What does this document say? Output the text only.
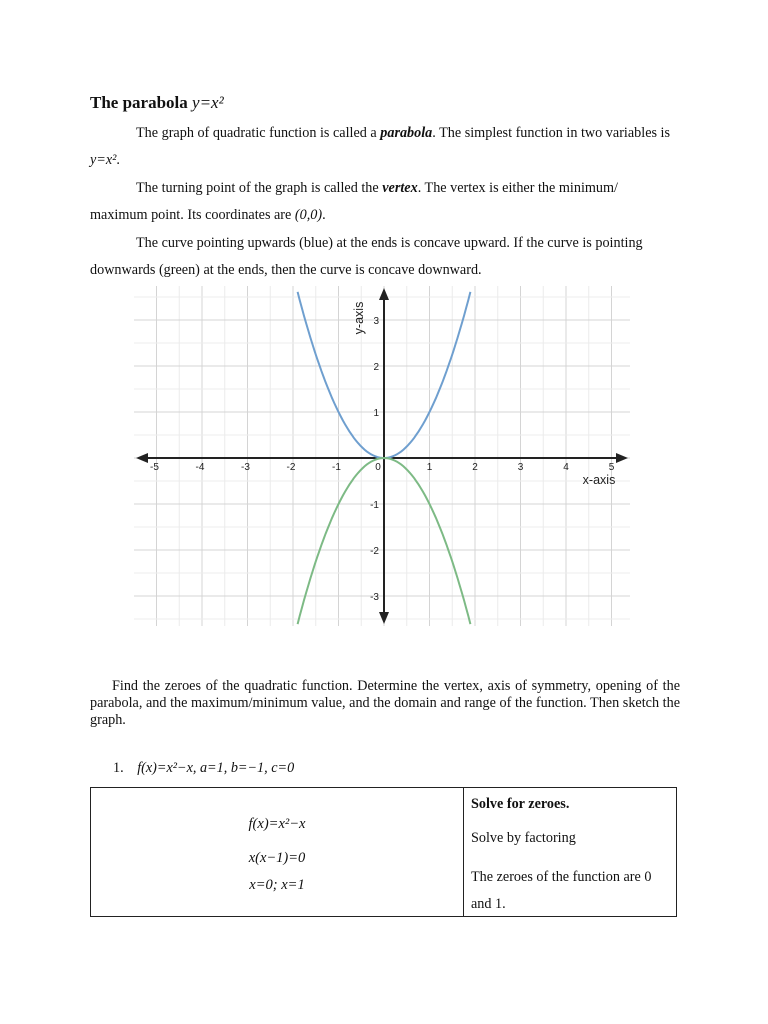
The parabola y=x²
The graph of quadratic function is called a parabola. The simplest function in two variables is y=x².
The turning point of the graph is called the vertex. The vertex is either the minimum/ maximum point. Its coordinates are (0,0).
The curve pointing upwards (blue) at the ends is concave upward. If the curve is pointing downwards (green) at the ends, then the curve is concave downward.
-5	-4	-3	-2	-1	0	1	2	3	4	5
-3
-2
-1
1
2
3
x-axis
y-axis
Find the zeroes of the quadratic function. Determine the vertex, axis of symmetry, opening of the parabola, and the maximum/minimum value, and the domain and range of the function. Then sketch the graph.
1. f(x)=x²−x, a=1, b=−1, c=0
f(x)=x²−x
x(x−1)=0
x=0; x=1
Solve for zeroes.
Solve by factoring
The zeroes of the function are 0 and 1.
